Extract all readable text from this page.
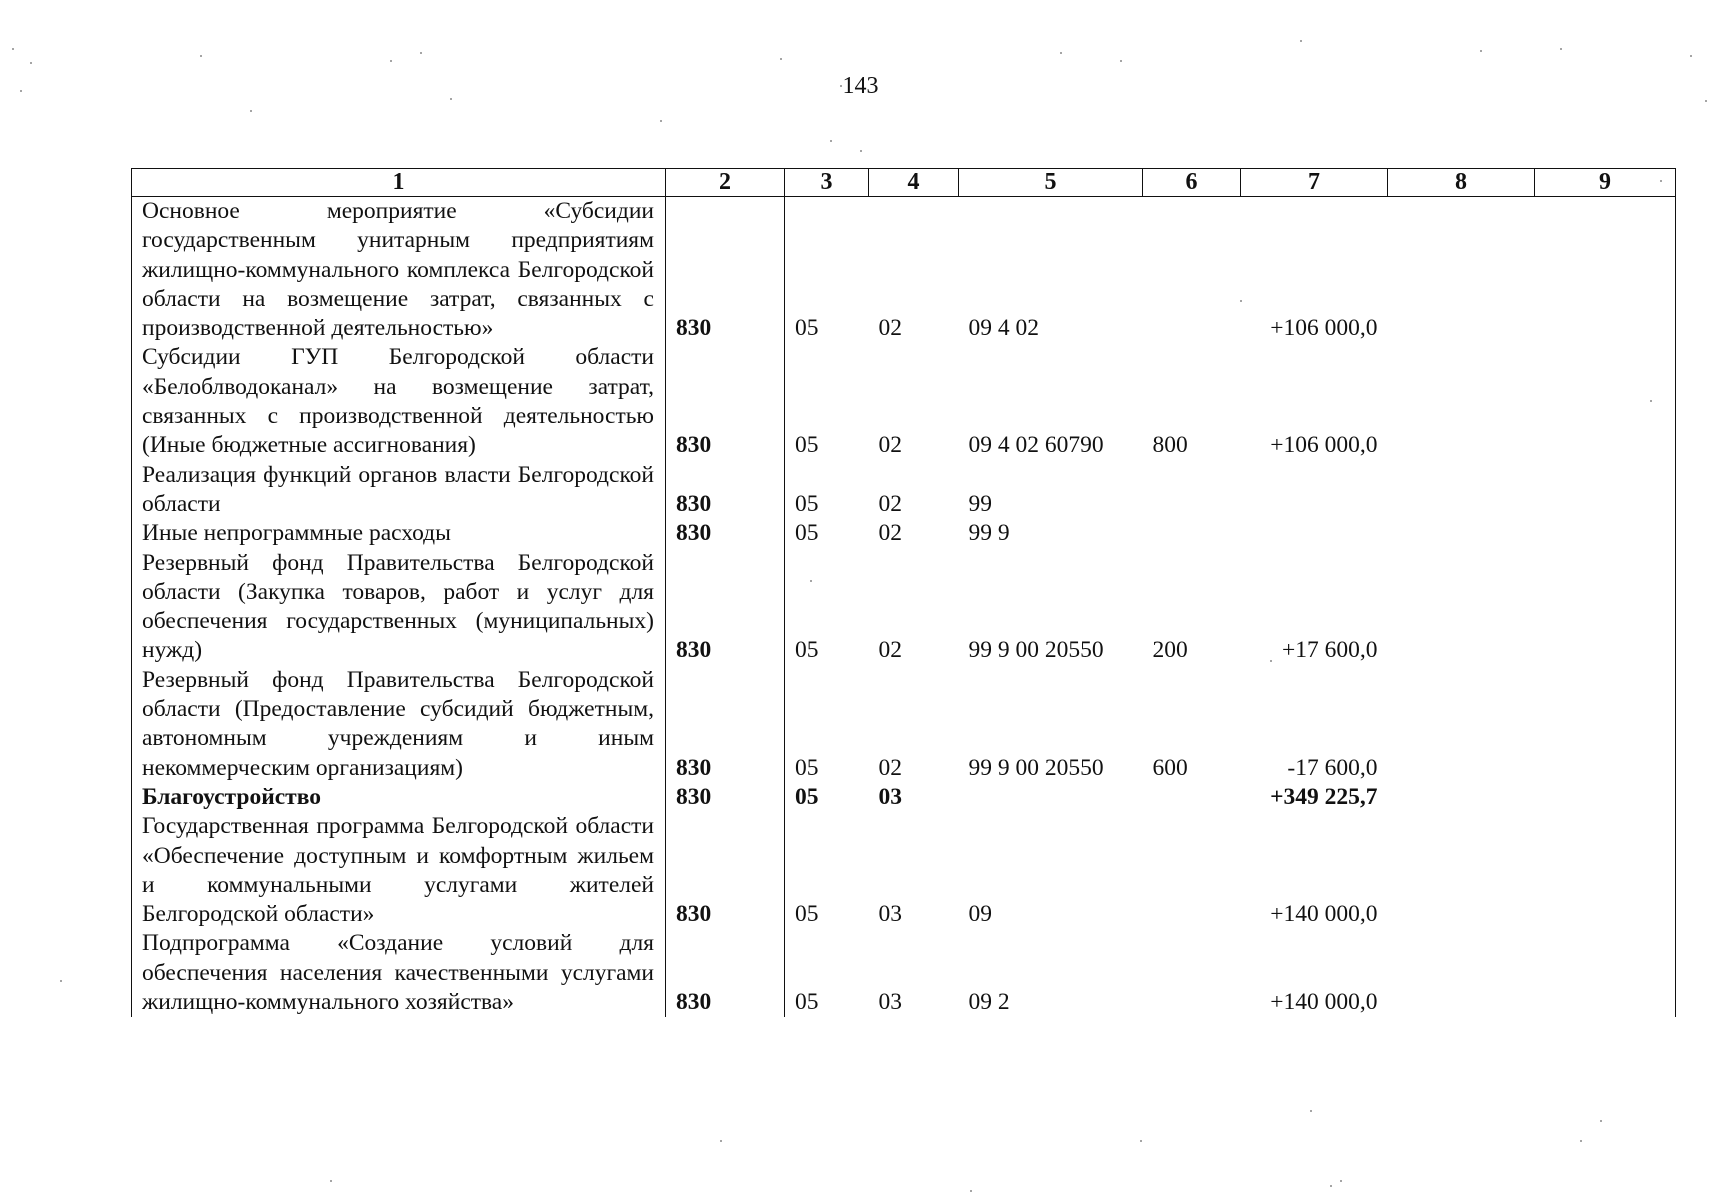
143
1	2	3	4	5	6	7	8	9
Основное мероприятие «Субсидии государственным унитарным предприятиям жилищно-коммунального комплекса Белгородской области на возмещение затрат, связанных с производственной деятельностью»	830	05	02	09 4 02		+106 000,0		
Субсидии ГУП Белгородской области «Белоблводоканал» на возмещение затрат, связанных с производственной деятельностью (Иные бюджетные ассигнования)	830	05	02	09 4 02 60790	800	+106 000,0		
Реализация функций органов власти Белгородской области	830	05	02	99				
Иные непрограммные расходы	830	05	02	99 9				
Резервный фонд Правительства Белгородской области (Закупка товаров, работ и услуг для обеспечения государственных (муниципальных) нужд)	830	05	02	99 9 00 20550	200	+17 600,0		
Резервный фонд Правительства Белгородской области (Предоставление субсидий бюджетным, автономным учреждениям и иным некоммерческим организациям)	830	05	02	99 9 00 20550	600	-17 600,0		
Благоустройство	830	05	03			+349 225,7		
Государственная программа Белгородской области «Обеспечение доступным и комфортным жильем и коммунальными услугами жителей Белгородской области»	830	05	03	09		+140 000,0		
Подпрограмма «Создание условий для обеспечения населения качественными услугами жилищно-коммунального хозяйства»	830	05	03	09 2		+140 000,0		
